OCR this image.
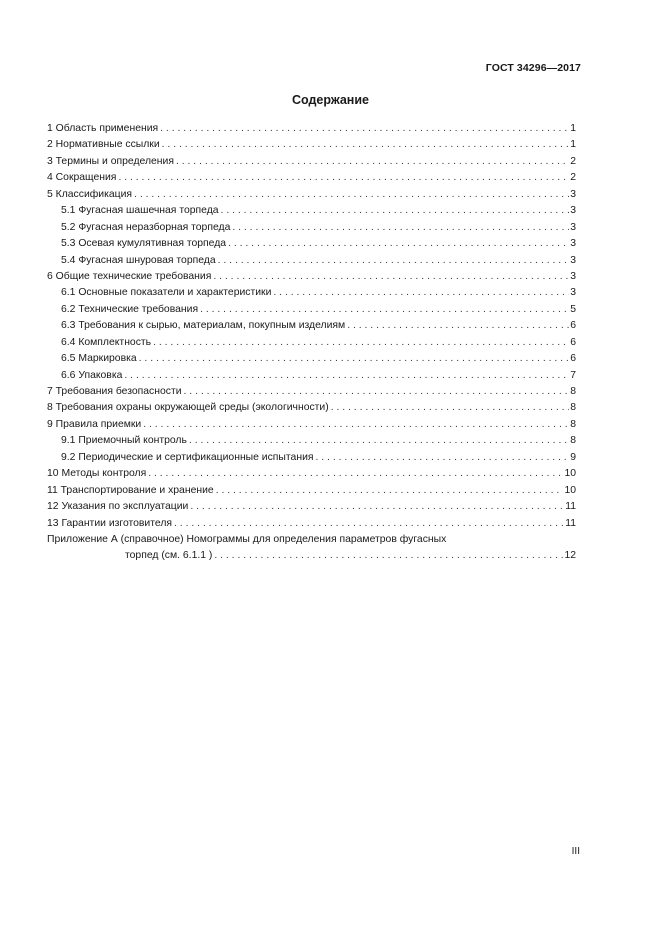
ГОСТ 34296—2017
Содержание
1 Область применения . . .	1
2 Нормативные ссылки . . .	1
3 Термины и определения . . .	2
4 Сокращения . . .	2
5 Классификация . . .	3
5.1 Фугасная шашечная торпеда . . .	3
5.2 Фугасная неразборная торпеда . . .	3
5.3 Осевая кумулятивная торпеда . . .	3
5.4 Фугасная шнуровая торпеда . . .	3
6 Общие технические требования . . .	3
6.1 Основные показатели и характеристики . . .	3
6.2 Технические требования . . .	5
6.3 Требования к сырью, материалам, покупным изделиям . . .	6
6.4 Комплектность . . .	6
6.5 Маркировка . . .	6
6.6 Упаковка . . .	7
7 Требования безопасности . . .	8
8 Требования охраны окружающей среды (экологичности) . . .	8
9 Правила приемки . . .	8
9.1 Приемочный контроль . . .	8
9.2 Периодические и сертификационные испытания . . .	9
10 Методы контроля . . .	10
11 Транспортирование и хранение . . .	10
12 Указания по эксплуатации . . .	11
13 Гарантии изготовителя . . .	11
Приложение А (справочное) Номограммы для определения параметров фугасных
торпед (см. 6.1.1 ) . . .	12
III
